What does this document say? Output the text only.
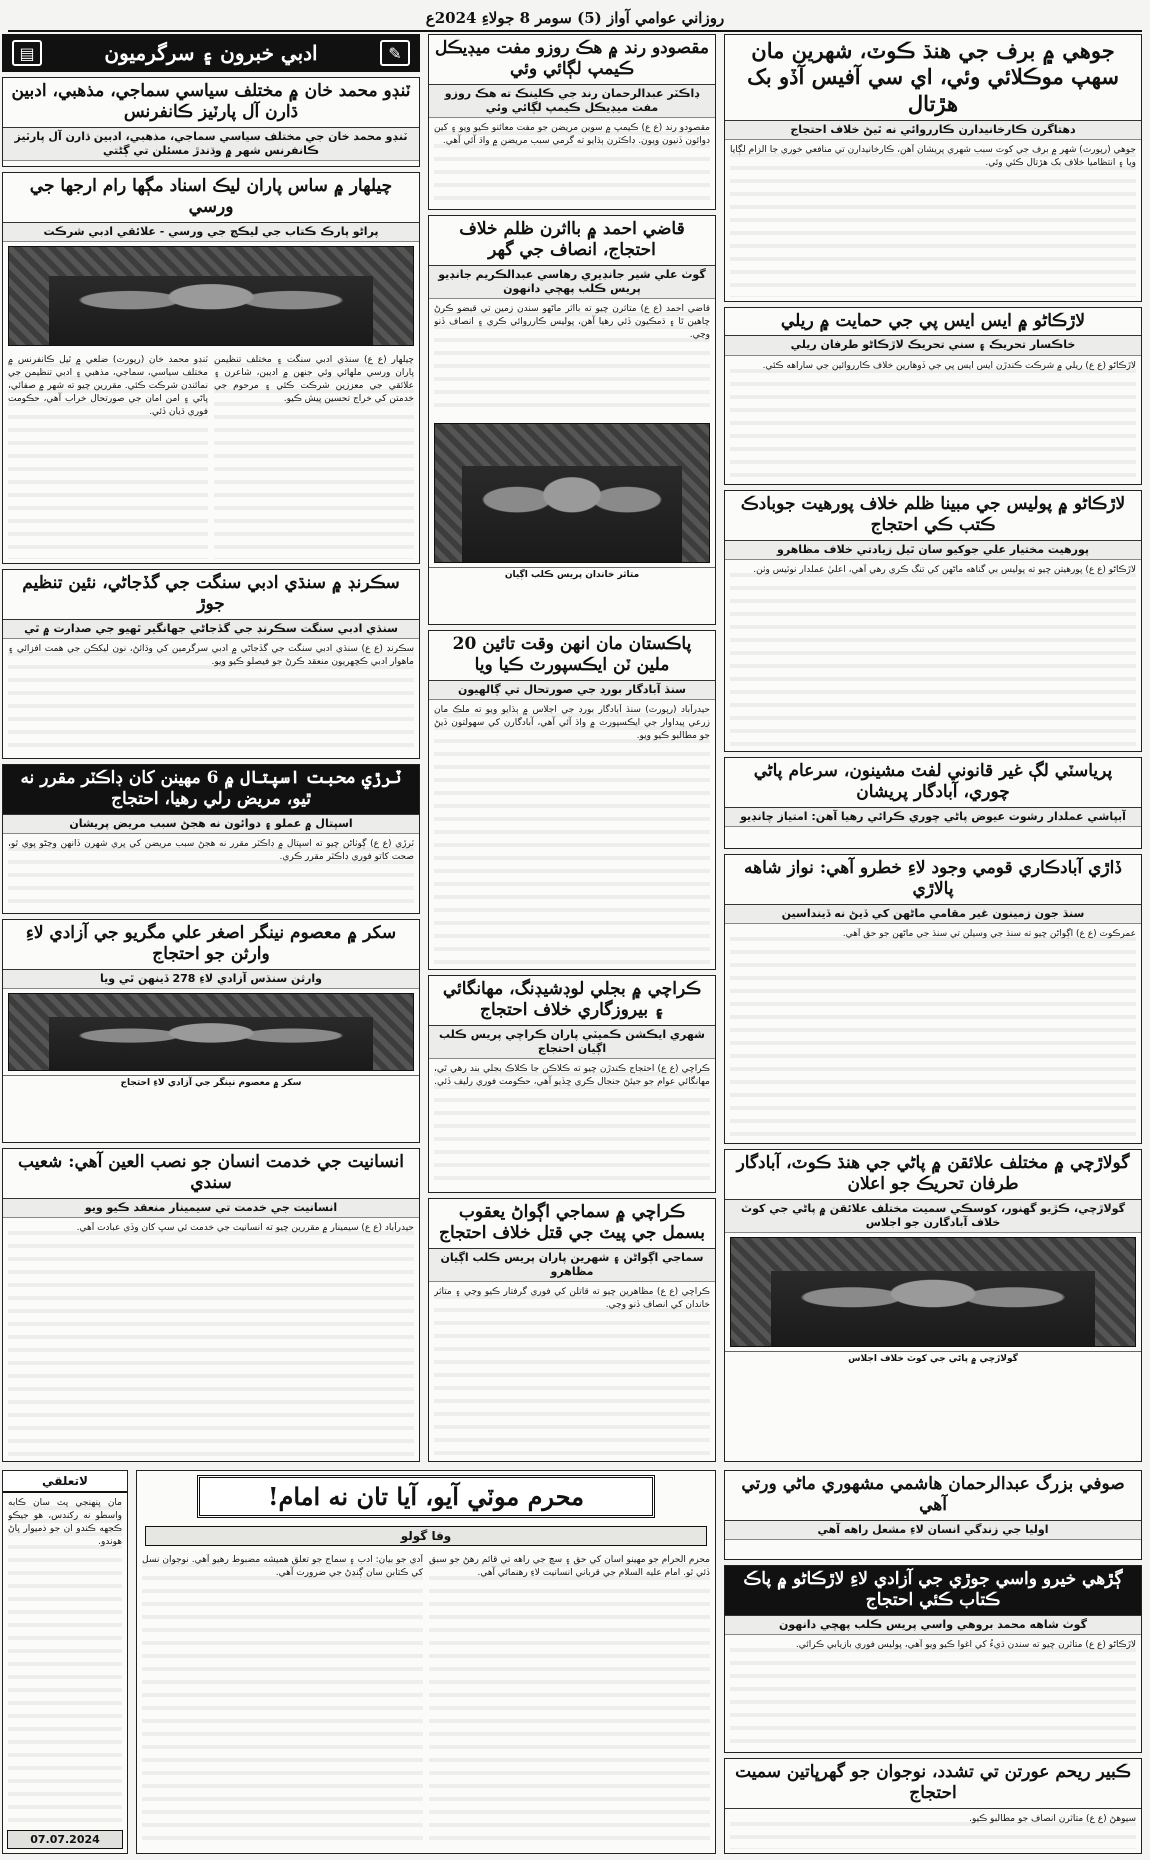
روزاني عوامي آواز (5) سومر 8 جولاءِ 2024ع
جوهي ۾ برف جي هنڌ ڪوٽ، شهرين مان سهپ موڪلائي وئي، اي سي آفيس آڏو بک هڙتال
دهتاگرن ڪارخانيدارن ڪارروائي نه ٿيڻ خلاف احتجاج
جوهي (رپورٽ) شهر ۾ برف جي کوٽ سبب شهري پريشان آهن، ڪارخانيدارن تي منافعي خوري جا الزام لڳايا ويا ۽ انتظاميا خلاف بک هڙتال ڪئي وئي.
لاڙڪاڻو ۾ ايس ايس پي جي حمايت ۾ ريلي
خاڪسار تحريڪ ۽ سني تحريڪ لاڙڪاڻو طرفان ريلي
لاڙڪاڻو (ع ع) ريلي ۾ شرڪت ڪندڙن ايس ايس پي جي ڏوهارين خلاف ڪارروائين جي ساراهه ڪئي.
لاڙڪاڻو ۾ پوليس جي مبينا ظلم خلاف پورهيت جوبادڪ ڪتب ڪي احتجاج
پورهيت مختيار علي جوکيو سان ٿيل زيادتي خلاف مظاهرو
لاڙڪاڻو (ع ع) پورهيتن چيو ته پوليس بي گناهه ماڻهن کي تنگ ڪري رهي آهي، اعليٰ عملدار نوٽيس وٺن.
پرياسٽي لڳ غير قانوني لفٽ مشينون، سرعام پاڻي چوري، آبادگار پريشان
آبپاشي عملدار رشوت عيوض پاڻي چوري ڪرائي رهيا آهن: امتياز چانڊيو
ڏاڙي آبادڪاري قومي وجود لاءِ خطرو آهي: نواز شاهه پالاڙي
سنڌ جون زمينون غير مقامي ماڻهن کي ڏيڻ نه ڏينداسين
عمرڪوٽ (ع ع) اڳواڻن چيو ته سنڌ جي وسيلن تي سنڌ جي ماڻهن جو حق آهي.
گولاڙچي ۾ مختلف علائقن ۾ پاڻي جي هنڌ ڪوٽ، آبادگار طرفان تحريڪ جو اعلان
گولاڙچي، ڪڙيو گهنور، کوسڪي سميت مختلف علائقن ۾ پاڻي جي کوٽ خلاف آبادگارن جو اجلاس
گولاڙچي ۾ پاڻي جي کوٽ خلاف اجلاس
مقصودو رند ۾ هڪ روزو مفت ميڊيڪل ڪيمپ لڳائي وئي
ڊاڪٽر عبدالرحمان رند جي ڪلينڪ ته هڪ روزو مفت ميڊيڪل ڪيمپ لڳائي وئي
مقصودو رند (ع ع) ڪيمپ ۾ سوين مريضن جو مفت معائنو ڪيو ويو ۽ کين دوائون ڏنيون ويون. ڊاڪٽرن ٻڌايو ته گرمي سبب مريضن ۾ واڌ آئي آهي.
قاضي احمد ۾ بااثرن ظلم خلاف احتجاج، انصاف جي گهر
گوٺ علي شير جانڊيري رهاسي عبدالڪريم جانڊيو پريس ڪلب پهچي دانهون
قاضي احمد (ع ع) متاثرن چيو ته بااثر ماڻهو سندن زمين تي قبضو ڪرڻ چاهين ٿا ۽ ڌمڪيون ڏئي رهيا آهن، پوليس ڪارروائي ڪري ۽ انصاف ڏنو وڃي.
متاثر خاندان پريس ڪلب اڳيان
پاڪستان مان انهن وقت تائين 20 ملين ٽن ايڪسپورٽ ڪيا ويا
سنڌ آبادگار بورڊ جي صورتحال تي ڳالهيون
حيدرآباد (رپورٽ) سنڌ آبادگار بورڊ جي اجلاس ۾ ٻڌايو ويو ته ملڪ مان زرعي پيداوار جي ايڪسپورٽ ۾ واڌ آئي آهي، آبادگارن کي سهولتون ڏيڻ جو مطالبو ڪيو ويو.
ڪراچي ۾ بجلي لوڊشيڊنگ، مهانگائي ۽ بيروزگاري خلاف احتجاج
شهري ايڪشن ڪميٽي پاران ڪراچي پريس ڪلب اڳيان احتجاج
ڪراچي (ع ع) احتجاج ڪندڙن چيو ته ڪلاڪن جا ڪلاڪ بجلي بند رهي ٿي، مهانگائي عوام جو جيئڻ جنجال ڪري ڇڏيو آهي، حڪومت فوري رليف ڏئي.
ڪراچي ۾ سماجي اڳواڻ يعقوب بسمل جي پيٽ جي قتل خلاف احتجاج
سماجي اڳواڻن ۽ شهرين پاران پريس ڪلب اڳيان مظاهرو
ڪراچي (ع ع) مظاهرين چيو ته قاتلن کي فوري گرفتار ڪيو وڃي ۽ متاثر خاندان کي انصاف ڏنو وڃي.
✎
ادبي خبرون ۽ سرگرميون
▤
ٽنڊو محمد خان ۾ مختلف سياسي سماجي، مذهبي، ادبين ڌارن آل پارٽيز ڪانفرنس
ٽنڊو محمد خان جي مختلف سياسي سماجي، مذهبي، ادبين ڌارن آل پارٽيز ڪانفرنس شهر ۾ وڌندڙ مسئلن تي ڳڻتي
چيلهار ۾ ساس پاران ليڪ اسناد مڳها رام ارجها جي ورسي
پراڻو پارڪ ڪتاب جي ليڪچ جي ورسي - علائقي ادبي شرڪت
چيلهار (ع ع) سنڌي ادبي سنگت ۽ مختلف تنظيمن پاران ورسي ملهائي وئي جنهن ۾ اديبن، شاعرن ۽ علائقي جي معززين شرڪت ڪئي ۽ مرحوم جي خدمتن کي خراج تحسين پيش ڪيو.
ٽنڊو محمد خان (رپورٽ) ضلعي ۾ ٿيل ڪانفرنس ۾ مختلف سياسي، سماجي، مذهبي ۽ ادبي تنظيمن جي نمائندن شرڪت ڪئي. مقررين چيو ته شهر ۾ صفائي، پاڻي ۽ امن امان جي صورتحال خراب آهي، حڪومت فوري ڌيان ڏئي.
سڪرنڊ ۾ سنڌي ادبي سنگت جي گڏجاڻي، نئين تنظيم جوڙ
سنڌي ادبي سنگت سڪرنڊ جي گڏجاڻي جهانگير ٿهيو جي صدارت ۾ ٿي
سڪرنڊ (ع ع) سنڌي ادبي سنگت جي گڏجاڻي ۾ ادبي سرگرمين کي وڌائڻ، نون ليکڪن جي همت افزائي ۽ ماهوار ادبي ڪچهريون منعقد ڪرڻ جو فيصلو ڪيو ويو.
ٽرڙي محبت اسپتال ۾ 6 مهينن کان ڊاڪٽر مقرر نه ٿيو، مريض رلي رهيا، احتجاج
اسپتال ۾ عملو ۽ دوائون نه هجڻ سبب مريض پريشان
ٽرڙي (ع ع) ڳوٺاڻن چيو ته اسپتال ۾ ڊاڪٽر مقرر نه هجڻ سبب مريضن کي پري شهرن ڏانهن وڃڻو پوي ٿو، صحت کاتو فوري ڊاڪٽر مقرر ڪري.
سکر ۾ معصوم نينگر اصغر علي مگريو جي آزادي لاءِ وارثن جو احتجاج
وارثن سنڌس آزادي لاءِ 278 ڏينهن ٿي ويا
سکر ۾ معصوم نينگر جي آزادي لاءِ احتجاج
انسانيت جي خدمت انسان جو نصب العين آهي: شعيب سندي
انسانيت جي خدمت تي سيمينار منعقد ڪيو ويو
حيدرآباد (ع ع) سيمينار ۾ مقررين چيو ته انسانيت جي خدمت ئي سڀ کان وڏي عبادت آهي.
صوفي بزرگ عبدالرحمان هاشمي مشهوري ماڻي ورتي آهي
اوليا جي زندگي انسان لاءِ مشعل راهه آهي
ڳڙهي خيرو واسي جوڙي جي آزادي لاءِ لاڙڪاڻو ۾ پاڪ ڪتاب ڪئي احتجاج
گوٺ شاهه محمد بروهي واسي پريس ڪلب پهچي دانهون
لاڙڪاڻو (ع ع) متاثرن چيو ته سندن ڌيءُ کي اغوا ڪيو ويو آهي، پوليس فوري بازيابي ڪرائي.
ڪبير ريحم عورتن تي تشدد، نوجوان جو گهرڀاتين سميت احتجاج
سيوهڻ (ع ع) متاثرن انصاف جو مطالبو ڪيو.
محرم موٽي آيو، آيا تان نه امام!
وفا گولو
محرم الحرام جو مهينو اسان کي حق ۽ سچ جي راهه تي قائم رهڻ جو سبق ڏئي ٿو. امام عليه السلام جي قرباني انسانيت لاءِ رهنمائي آهي.
آدي جو بيان: ادب ۽ سماج جو تعلق هميشه مضبوط رهيو آهي. نوجوان نسل کي ڪتابن سان ڳنڍڻ جي ضرورت آهي.
لاتعلقي
مان پنهنجي پٽ سان ڪابه واسطو نه رکندس، هو جيڪو ڪجهه ڪندو ان جو ذميوار پاڻ هوندو.
07.07.2024
